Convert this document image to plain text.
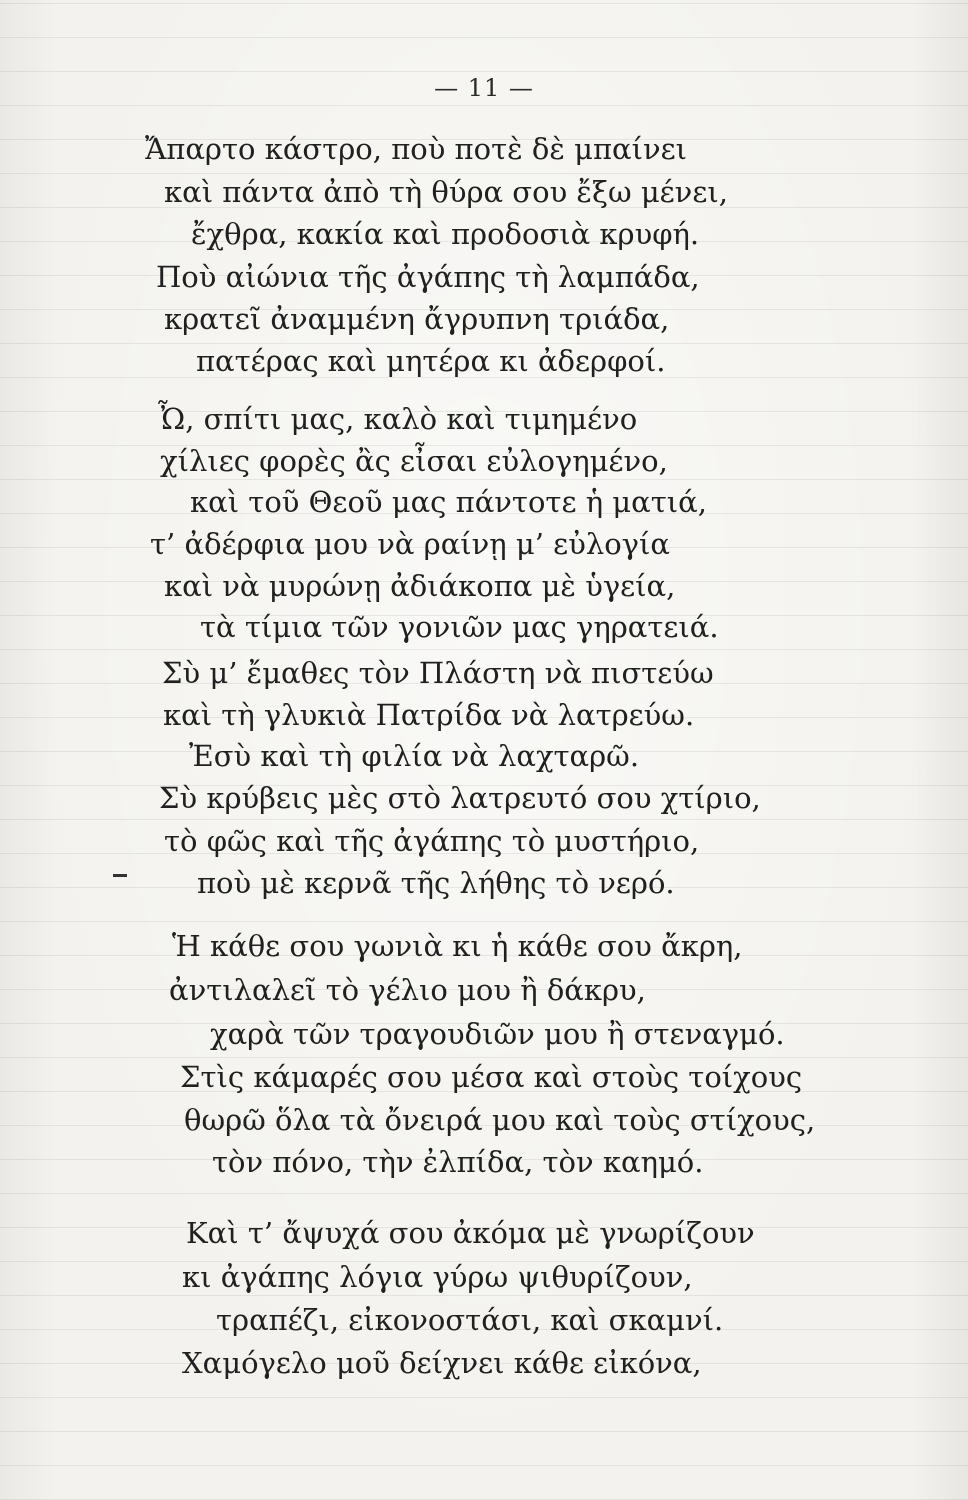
— 11 —
Ἄπαρτο κάστρο, ποὺ ποτὲ δὲ μπαίνει
καὶ πάντα ἀπὸ τὴ θύρα σου ἔξω μένει,
ἔχθρα, κακία καὶ προδοσιὰ κρυφή.
Ποὺ αἰώνια τῆς ἀγάπης τὴ λαμπάδα,
κρατεῖ ἀναμμένη ἄγρυπνη τριάδα,
πατέρας καὶ μητέρα κι ἀδερφοί.
Ὦ, σπίτι μας, καλὸ καὶ τιμημένο
χίλιες φορὲς ἂς εἶσαι εὐλογημένο,
καὶ τοῦ Θεοῦ μας πάντοτε ἡ ματιά,
τ’ ἀδέρφια μου νὰ ραίνῃ μ’ εὐλογία
καὶ νὰ μυρώνῃ ἀδιάκοπα μὲ ὑγεία,
τὰ τίμια τῶν γονιῶν μας γηρατειά.
Σὺ μ’ ἔμαθες τὸν Πλάστη νὰ πιστεύω
καὶ τὴ γλυκιὰ Πατρίδα νὰ λατρεύω.
Ἐσὺ καὶ τὴ φιλία νὰ λαχταρῶ.
Σὺ κρύβεις μὲς στὸ λατρευτό σου χτίριο,
τὸ φῶς καὶ τῆς ἀγάπης τὸ μυστήριο,
ποὺ μὲ κερνᾶ τῆς λήθης τὸ νερό.
Ἡ κάθε σου γωνιὰ κι ἡ κάθε σου ἄκρη,
ἀντιλαλεῖ τὸ γέλιο μου ἢ δάκρυ,
χαρὰ τῶν τραγουδιῶν μου ἢ στεναγμό.
Στὶς κάμαρές σου μέσα καὶ στοὺς τοίχους
θωρῶ ὅλα τὰ ὄνειρά μου καὶ τοὺς στίχους,
τὸν πόνο, τὴν ἐλπίδα, τὸν καημό.
Καὶ τ’ ἄψυχά σου ἀκόμα μὲ γνωρίζουν
κι ἀγάπης λόγια γύρω ψιθυρίζουν,
τραπέζι, εἰκονοστάσι, καὶ σκαμνί.
Χαμόγελο μοῦ δείχνει κάθε εἰκόνα,
